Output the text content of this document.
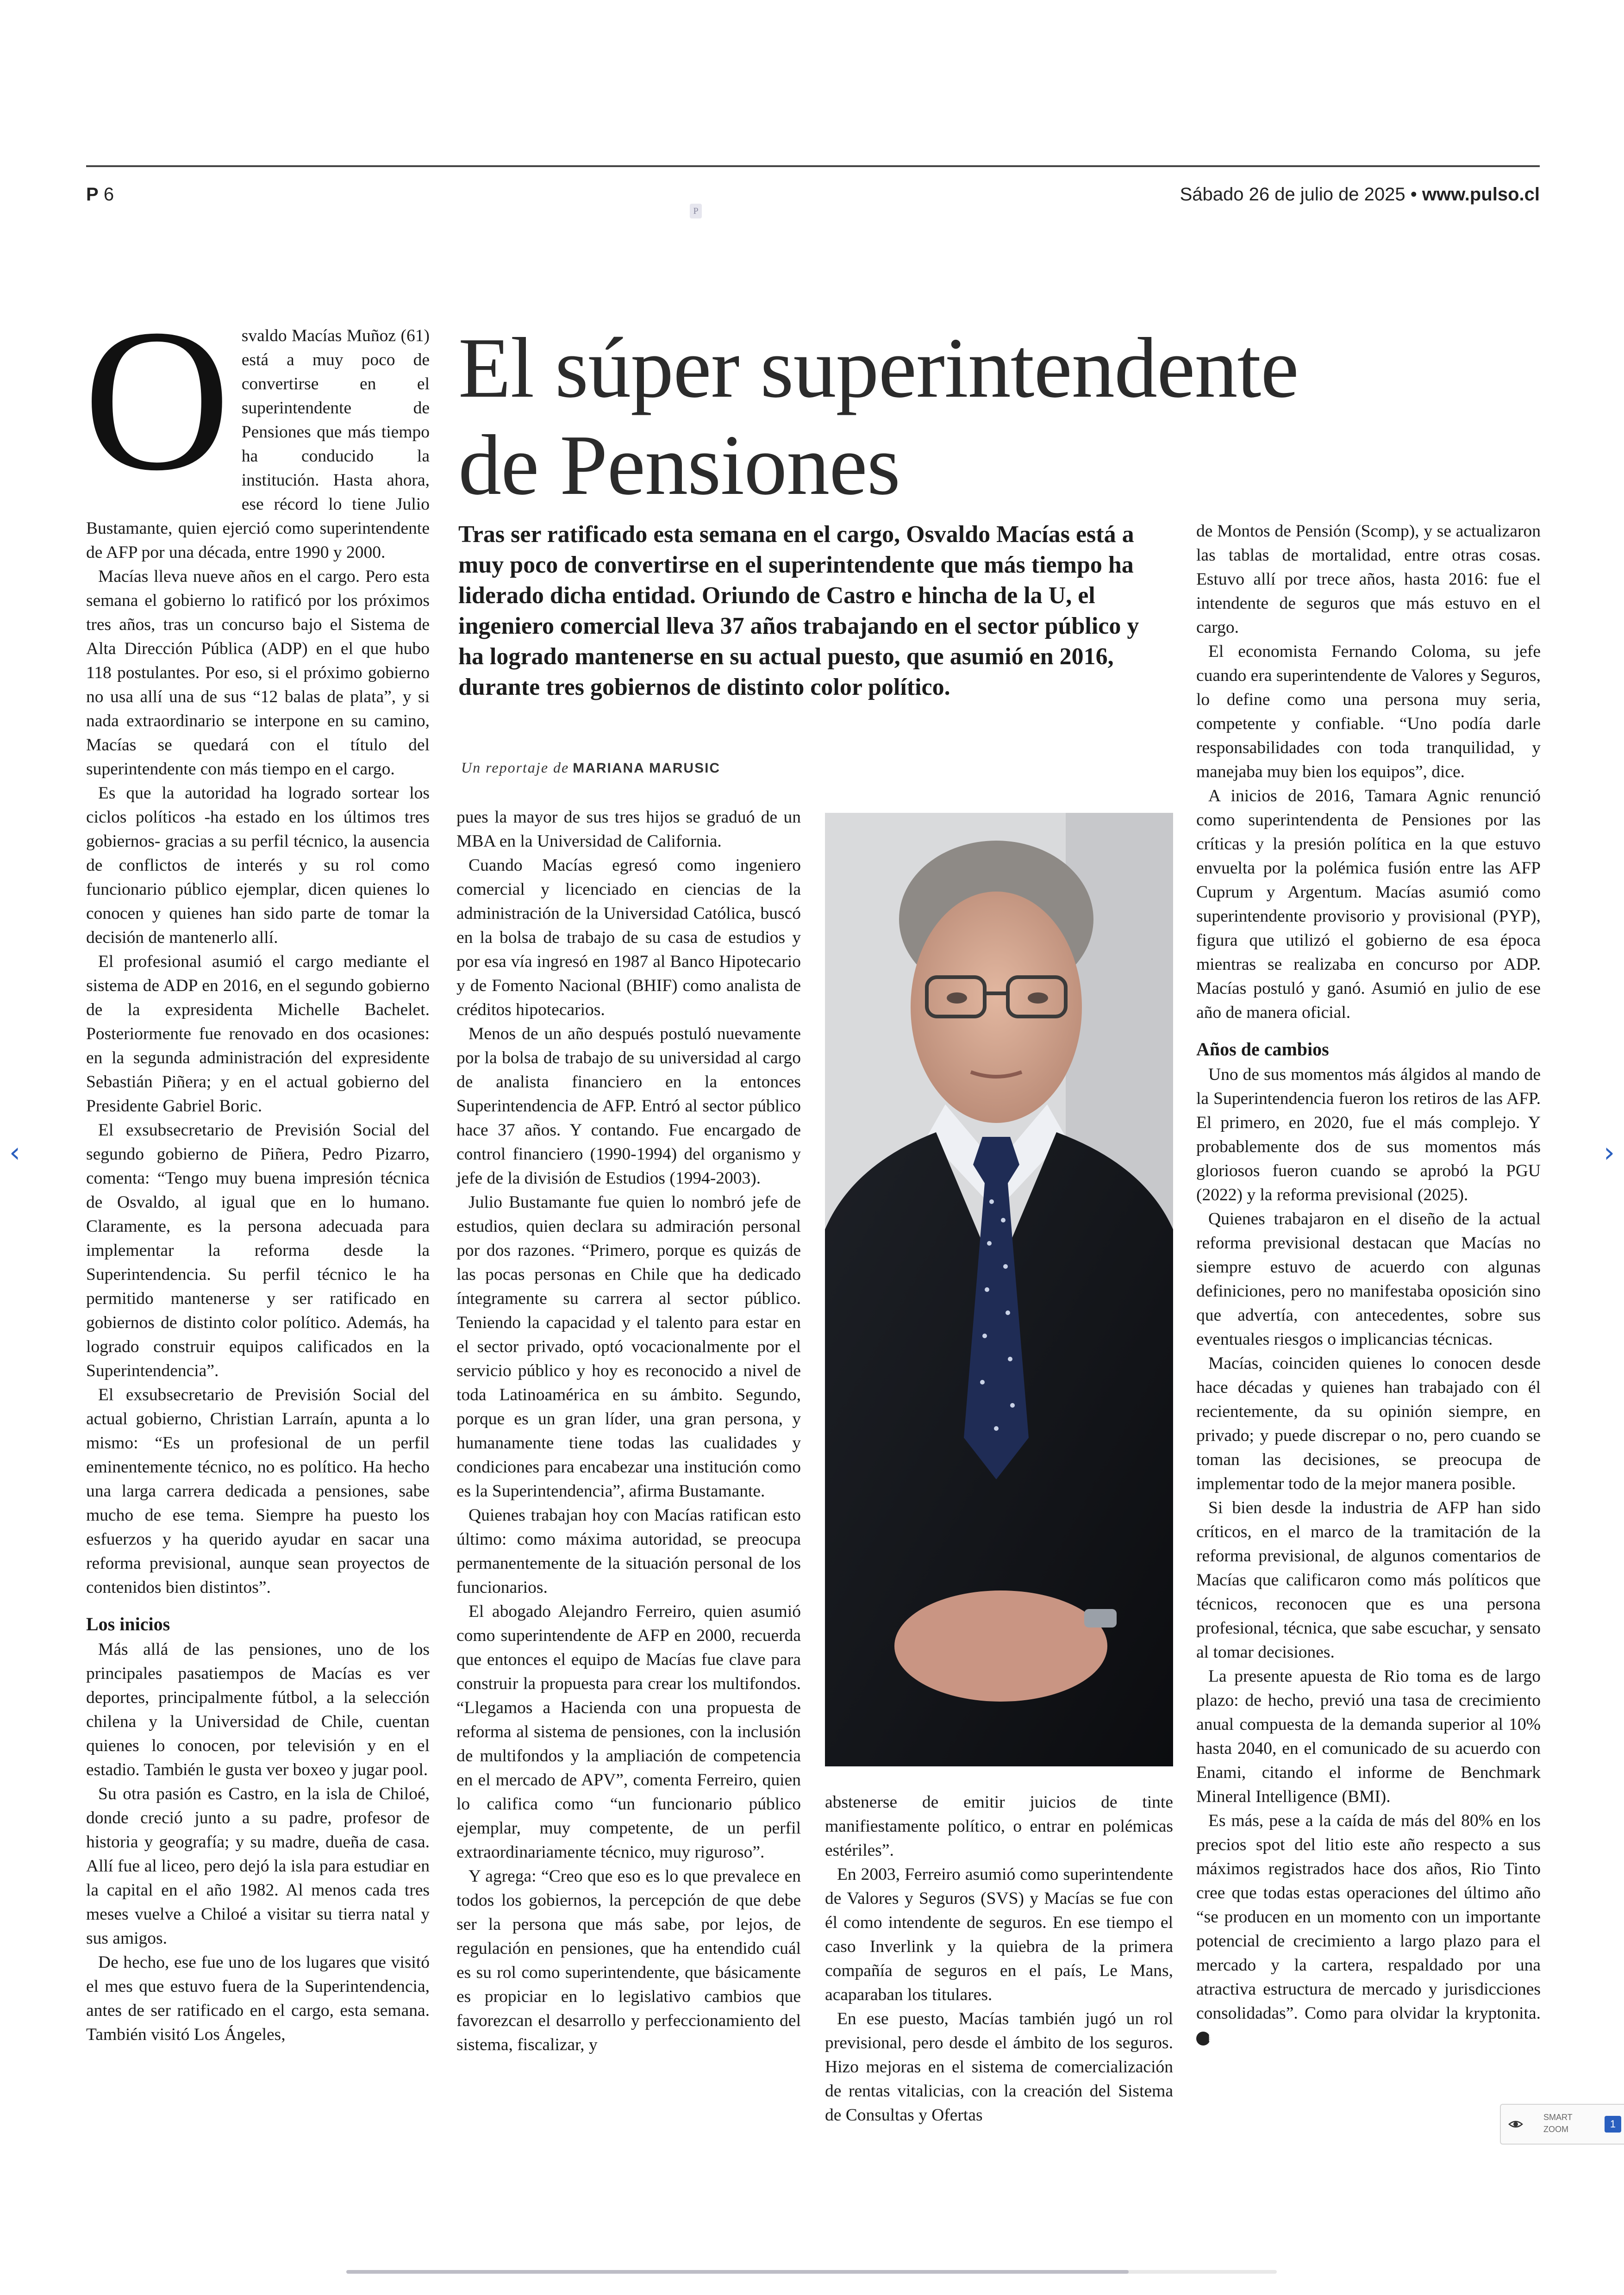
P 6	Sábado 26 de julio de 2025 • www.pulso.cl
P
El súper superintendente
de Pensiones
Tras ser ratificado esta semana en el cargo, Osvaldo Macías está a muy poco de convertirse en el superintendente que más tiempo ha liderado dicha entidad. Oriundo de Castro e hincha de la U, el ingeniero comercial lleva 37 años trabajando en el sector público y ha logrado mantenerse en su actual puesto, que asumió en 2016, durante tres gobiernos de distinto color político.
Un reportaje de MARIANA MARUSIC
O svaldo Macías Muñoz (61) está a muy poco de convertirse en el superintendente de Pensiones que más tiempo ha conducido la institución. Hasta ahora, ese récord lo tiene Julio Bustamante, quien ejerció como superintendente de AFP por una década, entre 1990 y 2000.

Macías lleva nueve años en el cargo. Pero esta semana el gobierno lo ratificó por los próximos tres años, tras un concurso bajo el Sistema de Alta Dirección Pública (ADP) en el que hubo 118 postulantes. Por eso, si el próximo gobierno no usa allí una de sus “12 balas de plata”, y si nada extraordinario se interpone en su camino, Macías se quedará con el título del superintendente con más tiempo en el cargo.

Es que la autoridad ha logrado sortear los ciclos políticos -ha estado en los últimos tres gobiernos- gracias a su perfil técnico, la ausencia de conflictos de interés y su rol como funcionario público ejemplar, dicen quienes lo conocen y quienes han sido parte de tomar la decisión de mantenerlo allí.

El profesional asumió el cargo mediante el sistema de ADP en 2016, en el segundo gobierno de la expresidenta Michelle Bachelet. Posteriormente fue renovado en dos ocasiones: en la segunda administración del expresidente Sebastián Piñera; y en el actual gobierno del Presidente Gabriel Boric.

El exsubsecretario de Previsión Social del segundo gobierno de Piñera, Pedro Pizarro, comenta: “Tengo muy buena impresión técnica de Osvaldo, al igual que en lo humano. Claramente, es la persona adecuada para implementar la reforma desde la Superintendencia. Su perfil técnico le ha permitido mantenerse y ser ratificado en gobiernos de distinto color político. Además, ha logrado construir equipos calificados en la Superintendencia”.

El exsubsecretario de Previsión Social del actual gobierno, Christian Larraín, apunta a lo mismo: “Es un profesional de un perfil eminentemente técnico, no es político. Ha hecho una larga carrera dedicada a pensiones, sabe mucho de ese tema. Siempre ha puesto los esfuerzos y ha querido ayudar en sacar una reforma previsional, aunque sean proyectos de contenidos bien distintos”.

Los inicios

Más allá de las pensiones, uno de los principales pasatiempos de Macías es ver deportes, principalmente fútbol, a la selección chilena y la Universidad de Chile, cuentan quienes lo conocen, por televisión y en el estadio. También le gusta ver boxeo y jugar pool.

Su otra pasión es Castro, en la isla de Chiloé, donde creció junto a su padre, profesor de historia y geografía; y su madre, dueña de casa. Allí fue al liceo, pero dejó la isla para estudiar en la capital en el año 1982. Al menos cada tres meses vuelve a Chiloé a visitar su tierra natal y sus amigos.

De hecho, ese fue uno de los lugares que visitó el mes que estuvo fuera de la Superintendencia, antes de ser ratificado en el cargo, esta semana. También visitó Los Ángeles,

pues la mayor de sus tres hijos se graduó de un MBA en la Universidad de California.

Cuando Macías egresó como ingeniero comercial y licenciado en ciencias de la administración de la Universidad Católica, buscó en la bolsa de trabajo de su casa de estudios y por esa vía ingresó en 1987 al Banco Hipotecario y de Fomento Nacional (BHIF) como analista de créditos hipotecarios.

Menos de un año después postuló nuevamente por la bolsa de trabajo de su universidad al cargo de analista financiero en la entonces Superintendencia de AFP. Entró al sector público hace 37 años. Y contando. Fue encargado de control financiero (1990-1994) del organismo y jefe de la división de Estudios (1994-2003).

Julio Bustamante fue quien lo nombró jefe de estudios, quien declara su admiración personal por dos razones. “Primero, porque es quizás de las pocas personas en Chile que ha dedicado íntegramente su carrera al sector público. Teniendo la capacidad y el talento para estar en el sector privado, optó vocacionalmente por el servicio público y hoy es reconocido a nivel de toda Latinoamérica en su ámbito. Segundo, porque es un gran líder, una gran persona, y humanamente tiene todas las cualidades y condiciones para encabezar una institución como es la Superintendencia”, afirma Bustamante.

Quienes trabajan hoy con Macías ratifican esto último: como máxima autoridad, se preocupa permanentemente de la situación personal de los funcionarios.

El abogado Alejandro Ferreiro, quien asumió como superintendente de AFP en 2000, recuerda que entonces el equipo de Macías fue clave para construir la propuesta para crear los multifondos. “Llegamos a Hacienda con una propuesta de reforma al sistema de pensiones, con la inclusión de multifondos y la ampliación de competencia en el mercado de APV”, comenta Ferreiro, quien lo califica como “un funcionario público ejemplar, muy competente, de un perfil extraordinariamente técnico, muy riguroso”.

Y agrega: “Creo que eso es lo que prevalece en todos los gobiernos, la percepción de que debe ser la persona que más sabe, por lejos, de regulación en pensiones, que ha entendido cuál es su rol como superintendente, que básicamente es propiciar en lo legislativo cambios que favorezcan el desarrollo y perfeccionamiento del sistema, fiscalizar, y

abstenerse de emitir juicios de tinte manifiestamente político, o entrar en polémicas estériles”.

En 2003, Ferreiro asumió como superintendente de Valores y Seguros (SVS) y Macías se fue con él como intendente de seguros. En ese tiempo el caso Inverlink y la quiebra de la primera compañía de seguros en el país, Le Mans, acaparaban los titulares.

En ese puesto, Macías también jugó un rol previsional, pero desde el ámbito de los seguros. Hizo mejoras en el sistema de comercialización de rentas vitalicias, con la creación del Sistema de Consultas y Ofertas

de Montos de Pensión (Scomp), y se actualizaron las tablas de mortalidad, entre otras cosas. Estuvo allí por trece años, hasta 2016: fue el intendente de seguros que más estuvo en el cargo.

El economista Fernando Coloma, su jefe cuando era superintendente de Valores y Seguros, lo define como una persona muy seria, competente y confiable. “Uno podía darle responsabilidades con toda tranquilidad, y manejaba muy bien los equipos”, dice.

A inicios de 2016, Tamara Agnic renunció como superintendenta de Pensiones por las críticas y la presión política en la que estuvo envuelta por la polémica fusión entre las AFP Cuprum y Argentum. Macías asumió como superintendente provisorio y provisional (PYP), figura que utilizó el gobierno de esa época mientras se realizaba en concurso por ADP. Macías postuló y ganó. Asumió en julio de ese año de manera oficial.

Años de cambios

Uno de sus momentos más álgidos al mando de la Superintendencia fueron los retiros de las AFP. El primero, en 2020, fue el más complejo. Y probablemente dos de sus momentos más gloriosos fueron cuando se aprobó la PGU (2022) y la reforma previsional (2025).

Quienes trabajaron en el diseño de la actual reforma previsional destacan que Macías no siempre estuvo de acuerdo con algunas definiciones, pero no manifestaba oposición sino que advertía, con antecedentes, sobre sus eventuales riesgos o implicancias técnicas.

Macías, coinciden quienes lo conocen desde hace décadas y quienes han trabajado con él recientemente, da su opinión siempre, en privado; y puede discrepar o no, pero cuando se toman las decisiones, se preocupa de implementar todo de la mejor manera posible.

Si bien desde la industria de AFP han sido críticos, en el marco de la tramitación de la reforma previsional, de algunos comentarios de Macías que calificaron como más políticos que técnicos, reconocen que es una persona profesional, técnica, que sabe escuchar, y sensato al tomar decisiones.

La presente apuesta de Rio toma es de largo plazo: de hecho, previó una tasa de crecimiento anual compuesta de la demanda superior al 10% hasta 2040, en el comunicado de su acuerdo con Enami, citando el informe de Benchmark Mineral Intelligence (BMI).

Es más, pese a la caída de más del 80% en los precios spot del litio este año respecto a sus máximos registrados hace dos años, Rio Tinto cree que todas estas operaciones del último año “se producen en un momento con un importante potencial de crecimiento a largo plazo para el mercado y la cartera, respaldado por una atractiva estructura de mercado y jurisdicciones consolidadas”. Como para olvidar la kryptonita.P

‹	›
SMART
ZOOM	1
